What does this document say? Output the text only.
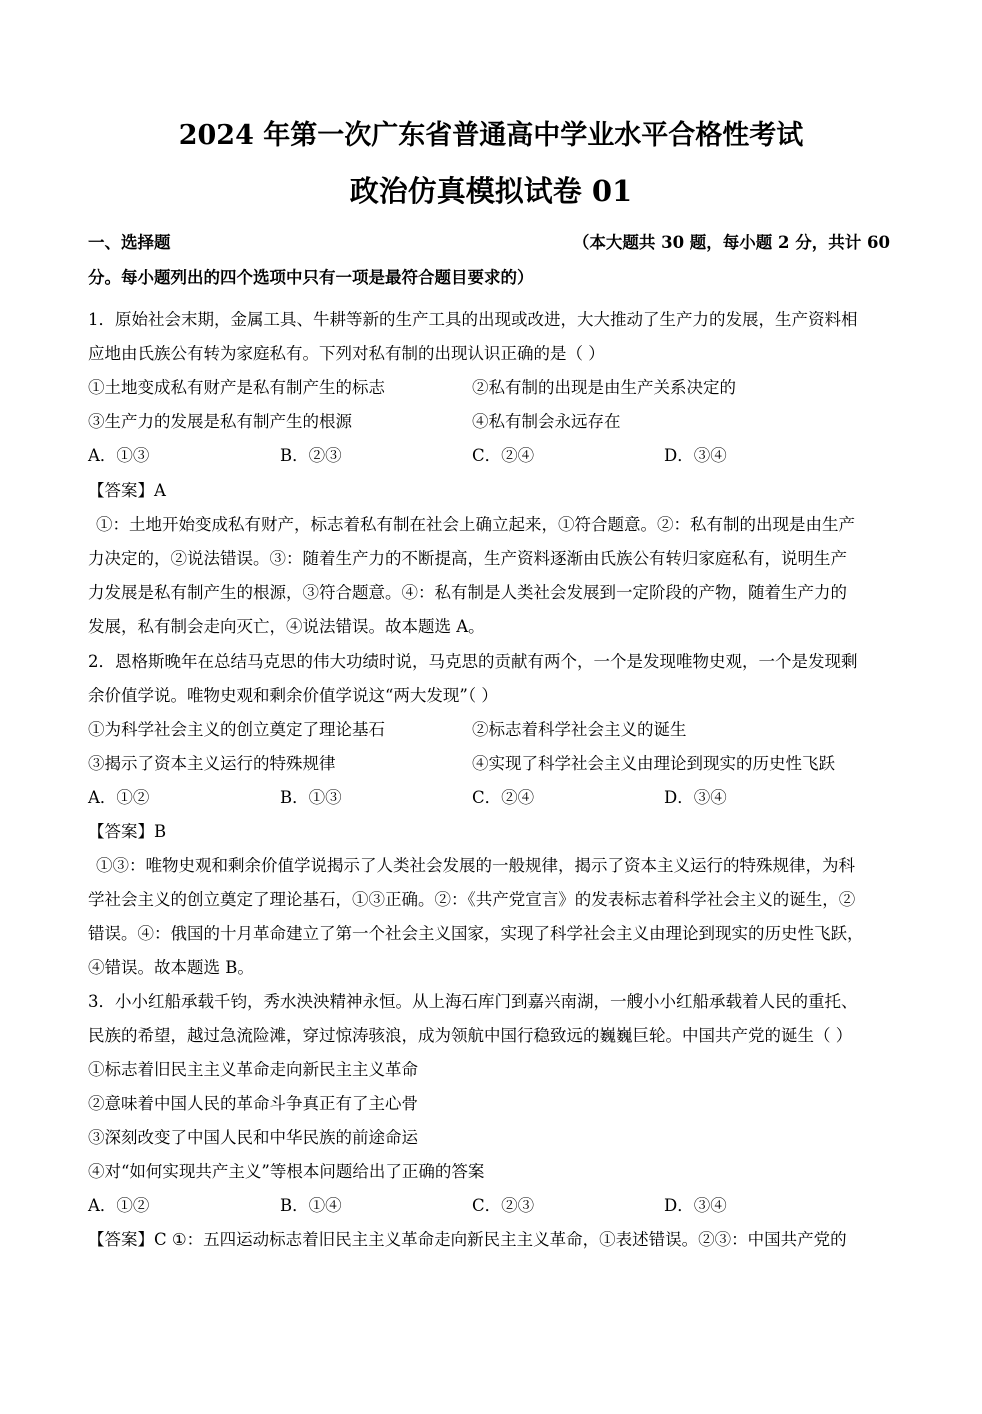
2024 年第一次广东省普通高中学业水平合格性考试
政治仿真模拟试卷 01
一、选择题	（本大题共 30 题，每小题 2 分，共计 60
分。每小题列出的四个选项中只有一项是最符合题目要求的）
1．原始社会末期，金属工具、牛耕等新的生产工具的出现或改进，大大推动了生产力的发展，生产资料相
应地由氏族公有转为家庭私有。下列对私有制的出现认识正确的是（ ）
①土地变成私有财产是私有制产生的标志	②私有制的出现是由生产关系决定的
③生产力的发展是私有制产生的根源	④私有制会永远存在
A．①③	B．②③	C．②④	D．③④
【答案】A
①：土地开始变成私有财产，标志着私有制在社会上确立起来，①符合题意。②：私有制的出现是由生产
力决定的，②说法错误。③：随着生产力的不断提高，生产资料逐渐由氏族公有转归家庭私有，说明生产
力发展是私有制产生的根源，③符合题意。④：私有制是人类社会发展到一定阶段的产物，随着生产力的
发展，私有制会走向灭亡，④说法错误。故本题选 A。
2．恩格斯晚年在总结马克思的伟大功绩时说，马克思的贡献有两个，一个是发现唯物史观，一个是发现剩
余价值学说。唯物史观和剩余价值学说这“两大发现”（ ）
①为科学社会主义的创立奠定了理论基石	②标志着科学社会主义的诞生
③揭示了资本主义运行的特殊规律	④实现了科学社会主义由理论到现实的历史性飞跃
A．①②	B．①③	C．②④	D．③④
【答案】B
①③：唯物史观和剩余价值学说揭示了人类社会发展的一般规律，揭示了资本主义运行的特殊规律，为科
学社会主义的创立奠定了理论基石，①③正确。②：《共产党宣言》的发表标志着科学社会主义的诞生，②
错误。④：俄国的十月革命建立了第一个社会主义国家，实现了科学社会主义由理论到现实的历史性飞跃，
④错误。故本题选 B。
3．小小红船承载千钧，秀水泱泱精神永恒。从上海石库门到嘉兴南湖，一艘小小红船承载着人民的重托、
民族的希望，越过急流险滩，穿过惊涛骇浪，成为领航中国行稳致远的巍巍巨轮。中国共产党的诞生（ ）
①标志着旧民主主义革命走向新民主主义革命
②意味着中国人民的革命斗争真正有了主心骨
③深刻改变了中国人民和中华民族的前途命运
④对“如何实现共产主义”等根本问题给出了正确的答案
A．①②	B．①④	C．②③	D．③④
【答案】C ①：五四运动标志着旧民主主义革命走向新民主主义革命，①表述错误。②③：中国共产党的
